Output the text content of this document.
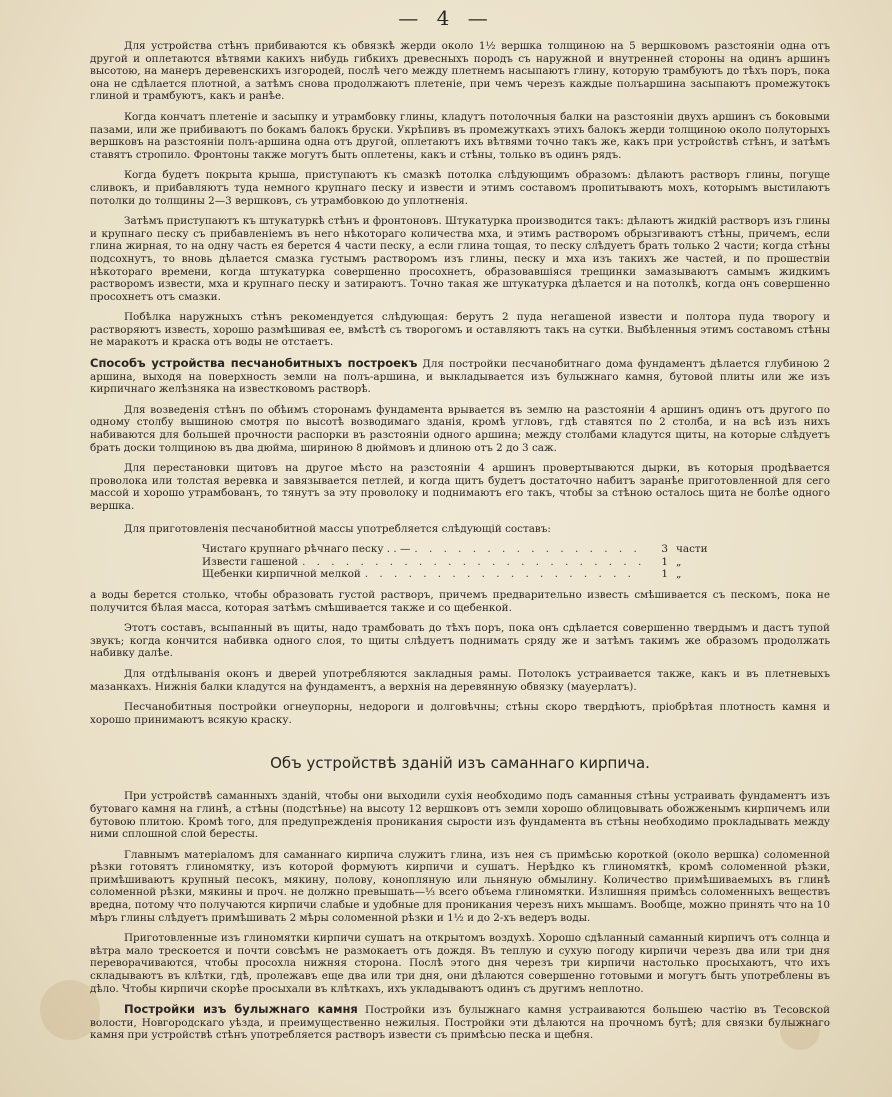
— 4 —

Для устройства стѣнъ прибиваются къ обвязкѣ жерди около 1½ вершка толщиною на 5 вершковомъ разстояніи одна отъ другой и оплетаются вѣтвями какихъ нибудь гибкихъ древесныхъ породъ съ наружной и внутренней стороны на одинъ аршинъ высотою, на манеръ деревенскихъ изгородей, послѣ чего между плетнемъ насыпаютъ глину, которую трамбуютъ до тѣхъ поръ, пока она не сдѣлается плотной, а затѣмъ снова продолжаютъ плетеніе, при чемъ черезъ каждые полъаршина засыпаютъ промежутокъ глиной и трамбуютъ, какъ и ранѣе.

Когда кончатъ плетеніе и засыпку и утрамбовку глины, кладутъ потолочныя балки на разстояніи двухъ аршинъ съ боковыми пазами, или же прибиваютъ по бокамъ балокъ бруски. Укрѣпивъ въ промежуткахъ этихъ балокъ жерди толщиною около полуторыхъ вершковъ на разстояніи полъ-аршина одна отъ другой, оплетаютъ ихъ вѣтвями точно такъ же, какъ при устройствѣ стѣнъ, и затѣмъ ставятъ стропило. Фронтоны также могутъ быть оплетены, какъ и стѣны, только въ одинъ рядъ.

Когда будетъ покрыта крыша, приступаютъ къ смазкѣ потолка слѣдующимъ образомъ: дѣлаютъ растворъ глины, погуще сливокъ, и прибавляютъ туда немного крупнаго песку и извести и этимъ составомъ пропитываютъ мохъ, которымъ выстилаютъ потолки до толщины 2—3 вершковъ, съ утрамбовкою до уплотненія.

Затѣмъ приступаютъ къ штукатуркѣ стѣнъ и фронтоновъ. Штукатурка производится такъ: дѣлаютъ жидкій растворъ изъ глины и крупнаго песку съ прибавленіемъ въ него нѣкотораго количества мха, и этимъ растворомъ обрызгиваютъ стѣны, причемъ, если глина жирная, то на одну часть ея берется 4 части песку, а если глина тощая, то песку слѣдуетъ брать только 2 части; когда стѣны подсохнутъ, то вновь дѣлается смазка густымъ растворомъ изъ глины, песку и мха изъ такихъ же частей, и по прошествіи нѣкотораго времени, когда штукатурка совершенно просохнетъ, образовавшіяся трещинки замазываютъ самымъ жидкимъ растворомъ извести, мха и крупнаго песку и затираютъ. Точно такая же штукатурка дѣлается и на потолкѣ, когда онъ совершенно просохнетъ отъ смазки.

Побѣлка наружныхъ стѣнъ рекомендуется слѣдующая: берутъ 2 пуда негашеной извести и полтора пуда творогу и растворяютъ известь, хорошо размѣшивая ее, вмѣстѣ съ творогомъ и оставляютъ такъ на сутки. Выбѣленныя этимъ составомъ стѣны не маракотъ и краска отъ воды не отстаетъ.

Способъ устройства песчанобитныхъ построекъ Для постройки песчанобитнаго дома фундаментъ дѣлается глубиною 2 аршина, выходя на поверхность земли на полъ-аршина, и выкладывается изъ булыжнаго камня, бутовой плиты или же изъ кирпичнаго желѣзняка на известковомъ растворѣ.

Для возведенія стѣнъ по обѣимъ сторонамъ фундамента врывается въ землю на разстояніи 4 аршинъ одинъ отъ другого по одному столбу вышиною смотря по высотѣ возводимаго зданія, кромѣ угловъ, гдѣ ставятся по 2 столба, и на всѣ изъ нихъ набиваются для большей прочности распорки въ разстояніи одного аршина; между столбами кладутся щиты, на которые слѣдуетъ брать доски толщиною въ два дюйма, шириною 8 дюймовъ и длиною отъ 2 до 3 саж.

Для перестановки щитовъ на другое мѣсто на разстояніи 4 аршинъ провертываются дырки, въ которыя продѣвается проволока или толстая веревка и завязывается петлей, и когда щитъ будетъ достаточно набитъ заранѣе приготовленной для сего массой и хорошо утрамбованъ, то тянутъ за эту проволоку и поднимаютъ его такъ, чтобы за стѣною осталось щита не болѣе одного вершка.

Для приготовленія песчанобитной массы употребляется слѣдующій составъ:

Чистаго крупнаго рѣчнаго песку . . — . . .	3 части
Извести гашеной . . .	1 „
Щебенки кирпичной мелкой . . .	1 „

а воды берется столько, чтобы образовать густой растворъ, причемъ предварительно известь смѣшивается съ пескомъ, пока не получится бѣлая масса, которая затѣмъ смѣшивается также и со щебенкой.

Этотъ составъ, всыпанный въ щиты, надо трамбовать до тѣхъ поръ, пока онъ сдѣлается совершенно твердымъ и дастъ тупой звукъ; когда кончится набивка одного слоя, то щиты слѣдуетъ поднимать сряду же и затѣмъ такимъ же образомъ продолжать набивку далѣе.

Для отдѣлыванія оконъ и дверей употребляются закладныя рамы. Потолокъ устраивается также, какъ и въ плетневыхъ мазанкахъ. Нижнія балки кладутся на фундаментъ, а верхнія на деревянную обвязку (мауерлатъ).

Песчанобитныя постройки огнеупорны, недороги и долговѣчны; стѣны скоро твердѣютъ, пріобрѣтая плотность камня и хорошо принимаютъ всякую краску.

Объ устройствѣ зданій изъ саманнаго кирпича.

При устройствѣ саманныхъ зданій, чтобы они выходили сухія необходимо подъ саманныя стѣны устраивать фундаментъ изъ бутоваго камня на глинѣ, а стѣны (подстѣнье) на высоту 12 вершковъ отъ земли хорошо облицовывать обожженымъ кирпичемъ или бутовою плитою. Кромѣ того, для предупрежденія проникания сырости изъ фундамента въ стѣны необходимо прокладывать между ними сплошной слой бересты.

Главнымъ матеріаломъ для саманнаго кирпича служитъ глина, изъ нея съ примѣсью короткой (около вершка) соломенной рѣзки готовятъ глиномятку, изъ которой формуютъ кирпичи и сушатъ. Нерѣдко къ глиномяткѣ, кромѣ соломенной рѣзки, примѣшиваютъ крупный песокъ, мякину, полову, конопляную или льняную обмылину. Количество примѣшиваемыхъ въ глинѣ соломенной рѣзки, мякины и проч. не должно превышать—⅓ всего объема глиномятки. Излишняя примѣсь соломенныхъ веществъ вредна, потому что получаются кирпичи слабые и удобные для проникания черезъ нихъ мышамъ. Вообще, можно принять что на 10 мѣръ глины слѣдуетъ примѣшивать 2 мѣры соломенной рѣзки и 1½ и до 2-хъ ведеръ воды.

Приготовленные изъ глиномятки кирпичи сушатъ на открытомъ воздухѣ. Хорошо сдѣланный саманный кирпичъ отъ солнца и вѣтра мало трескоется и почти совсѣмъ не размокаетъ отъ дождя. Въ теплую и сухую погоду кирпичи черезъ два или три дня переворачиваются, чтобы просохла нижняя сторона. Послѣ этого дня черезъ три кирпичи настолько просыхаютъ, что ихъ складываютъ въ клѣтки, гдѣ, пролежавъ еще два или три дня, они дѣлаются совершенно готовыми и могутъ быть употреблены въ дѣло. Чтобы кирпичи скорѣе просыхали въ клѣткахъ, ихъ укладываютъ одинъ съ другимъ неплотно.

Постройки изъ булыжнаго камня Постройки изъ булыжнаго камня устраиваются большею частію въ Тесовской волости, Новгородскаго уѣзда, и преимущественно нежилыя. Постройки эти дѣлаются на прочномъ бутѣ; для связки булыжнаго камня при устройствѣ стѣнъ употребляется растворъ извести съ примѣсью песка и щебня.
